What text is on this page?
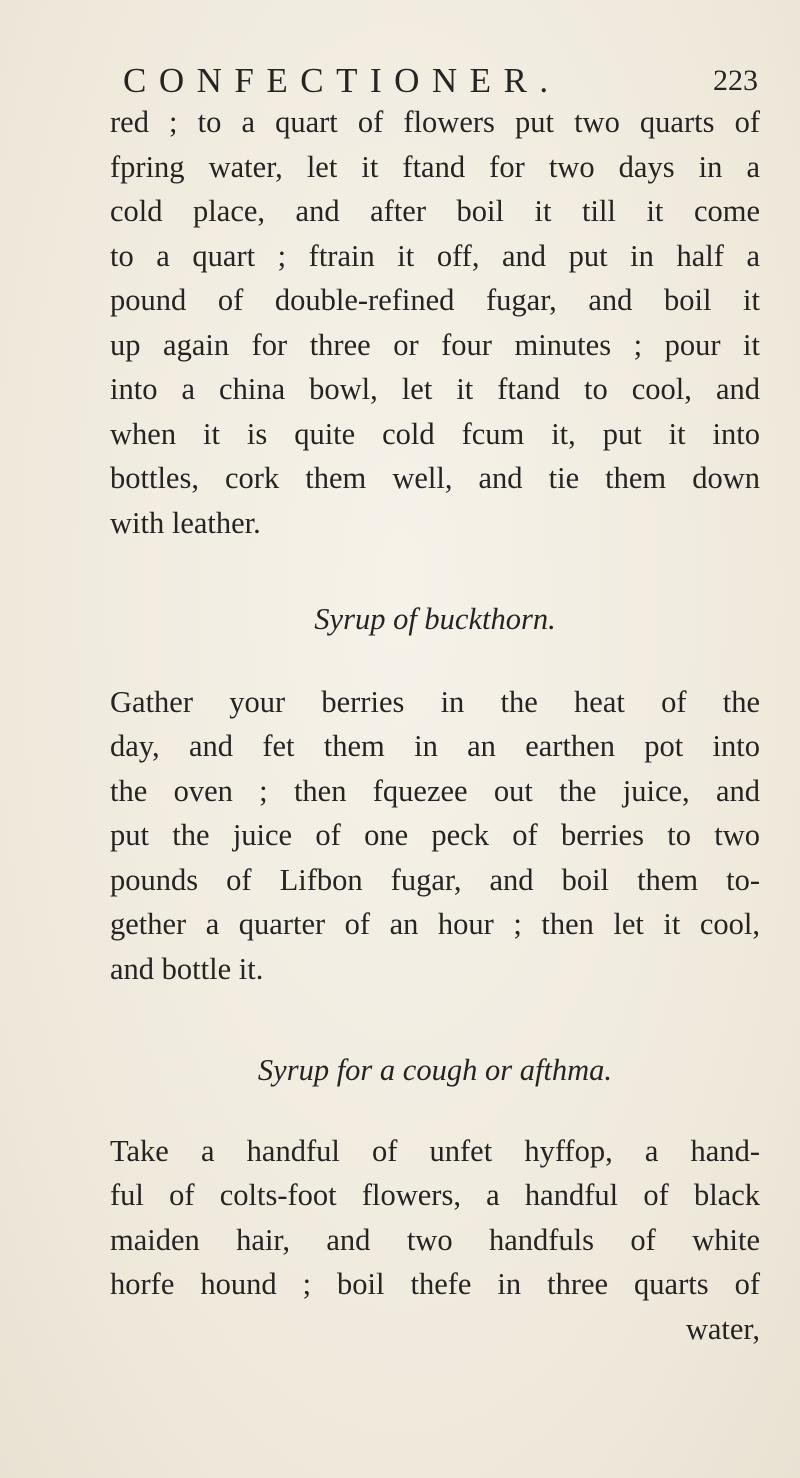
CONFECTIONER.	223
red ; to a quart of flowers put two quarts of
fpring water, let it ftand for two days in a
cold place, and after boil it till it come
to a quart ; ftrain it off, and put in half a
pound of double-refined fugar, and boil it
up again for three or four minutes ; pour it
into a china bowl, let it ftand to cool, and
when it is quite cold fcum it, put it into
bottles, cork them well, and tie them down
with leather.
Syrup of buckthorn.
Gather your berries in the heat of the
day, and fet them in an earthen pot into
the oven ; then fquezee out the juice, and
put the juice of one peck of berries to two
pounds of Lifbon fugar, and boil them to-
gether a quarter of an hour ; then let it cool,
and bottle it.
Syrup for a cough or afthma.
Take a handful of unfet hyffop, a hand-
ful of colts-foot flowers, a handful of black
maiden hair, and two handfuls of white
horfe hound ; boil thefe in three quarts of
water,
